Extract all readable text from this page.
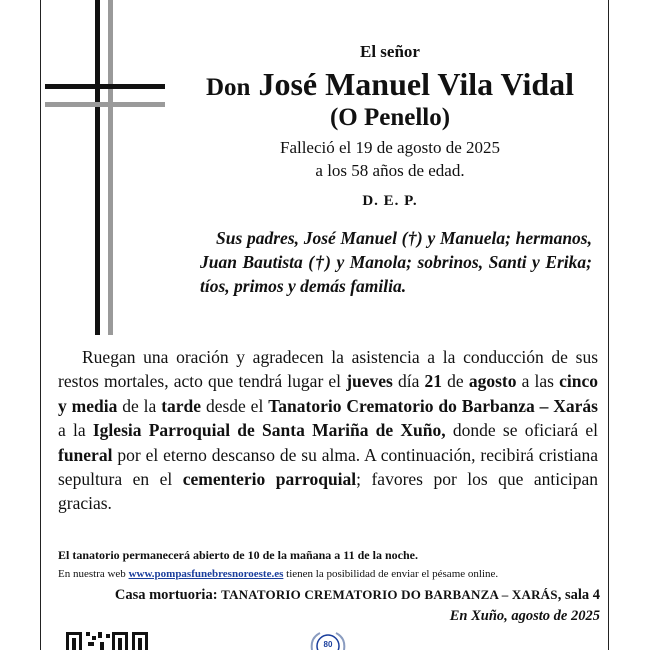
El señor
Don José Manuel Vila Vidal
(O Penello)
Falleció el 19 de agosto de 2025
a los 58 años de edad.
D. E. P.
Sus padres, José Manuel (†) y Manuela; hermanos, Juan Bautista (†) y Manola; sobrinos, Santi y Erika; tíos, primos y demás familia.
Ruegan una oración y agradecen la asistencia a la conducción de sus restos mortales, acto que tendrá lugar el jueves día 21 de agosto a las cinco y media de la tarde desde el Tanatorio Crematorio do Barbanza – Xarás a la Iglesia Parroquial de Santa Mariña de Xuño, donde se oficiará el funeral por el eterno descanso de su alma. A continuación, recibirá cristiana sepultura en el cementerio parroquial; favores por los que anticipan gracias.
El tanatorio permanecerá abierto de 10 de la mañana a 11 de la noche.
En nuestra web www.pompasfunebresnoroeste.es tienen la posibilidad de enviar el pésame online.
Casa mortuoria: TANATORIO CREMATORIO DO BARBANZA – XARÁS, sala 4
En Xuño, agosto de 2025
80
